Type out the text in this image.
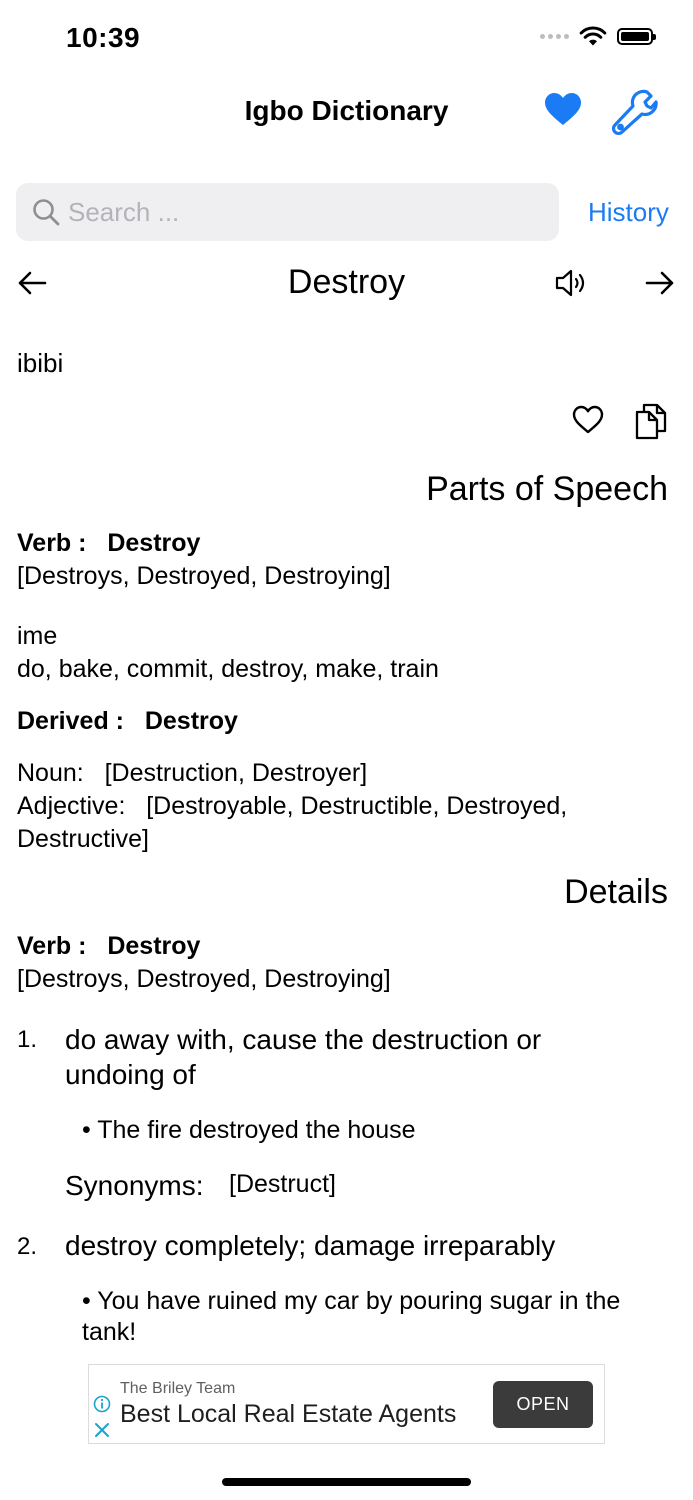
10:39
Igbo Dictionary
Search ...
History
Destroy
ibibi
Parts of Speech
Verb : Destroy
[Destroys, Destroyed, Destroying]
ime
do, bake, commit, destroy, make, train
Derived : Destroy
Noun: [Destruction, Destroyer]
Adjective: [Destroyable, Destructible, Destroyed,
Destructive]
Details
Verb : Destroy
[Destroys, Destroyed, Destroying]
1. do away with, cause the destruction or undoing of
• The fire destroyed the house
Synonyms: [Destruct]
2. destroy completely; damage irreparably
• You have ruined my car by pouring sugar in the tank!
The Briley Team
Best Local Real Estate Agents	OPEN
